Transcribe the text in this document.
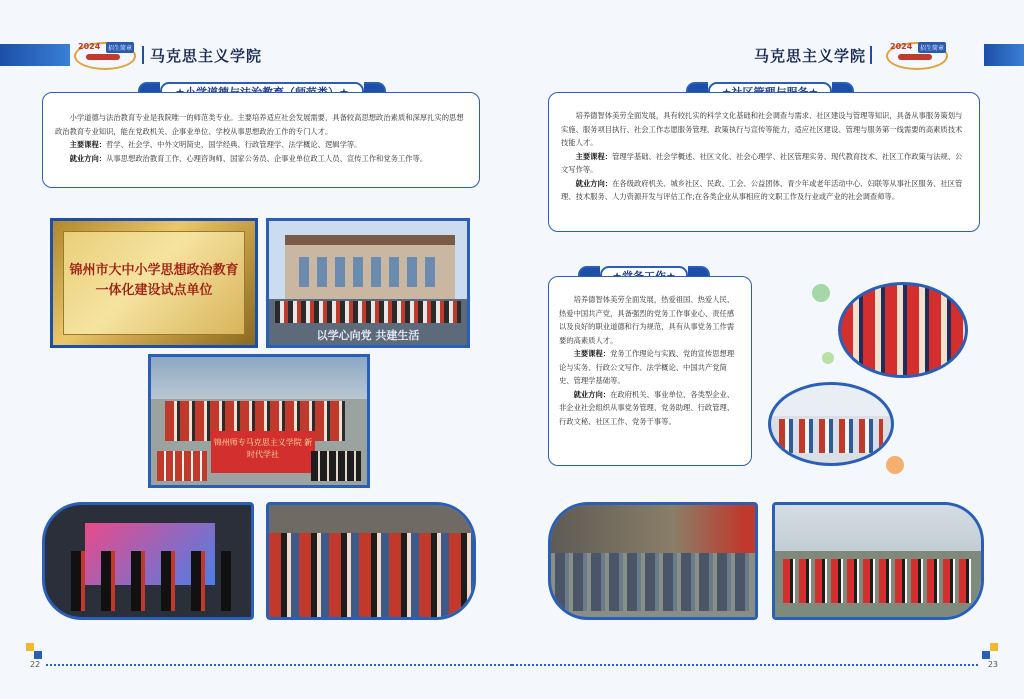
2024	招生简章 马克思主义学院

小学道德与法治教育专业是我院唯一的师范类专业。主要培养适应社会发展需要，具备较高思想政治素质和深厚扎实的思想政治教育专业知识，能在党政机关、企事业单位、学校从事思想政治工作的专门人才。

主要课程：哲学、社会学、中外文明简史、国学经典、行政管理学、法学概论、逻辑学等。

就业方向：从事思想政治教育工作、心理咨询师、国家公务员、企事业单位政工人员、宣传工作和党务工作等。

锦州市大中小学思想政治教育
一体化建设试点单位
以学心向党 共建生活
锦州师专马克思主义学院 新时代学社
22
马克思主义学院
2024	招生简章

培养德智体美劳全面发展，具有较扎实的科学文化基础和社会调查与需求、社区建设与管理等知识，具备从事服务策划与实施、服务项目执行、社会工作志愿服务管理、政策执行与宣传等能力，适应社区建设、管理与服务第一线需要的高素质技术技能人才。

主要课程：管理学基础、社会学概述、社区文化、社会心理学、社区管理实务、现代教育技术、社区工作政策与法规、公文写作等。

就业方向：在各级政府机关、城乡社区、民政、工会、公益团体、青少年或老年活动中心、妇联等从事社区服务、社区管理、技术服务、人力资源开发与评估工作;在各类企业从事相应的文职工作及行业或产业的社会调查师等。

培养德智体美劳全面发展，热爱祖国、热爱人民、热爱中国共产党，具备强烈的党务工作事业心、责任感以及良好的职业道德和行为规范，具有从事党务工作需要的高素质人才。

主要课程：党务工作理论与实践、党的宣传思想理论与实务、行政公文写作、法学概论、中国共产党简史、管理学基础等。

就业方向：在政府机关、事业单位、各类型企业、非企业社会组织从事党务管理、党务助理、行政管理、行政文秘、社区工作、党务干事等。

23
